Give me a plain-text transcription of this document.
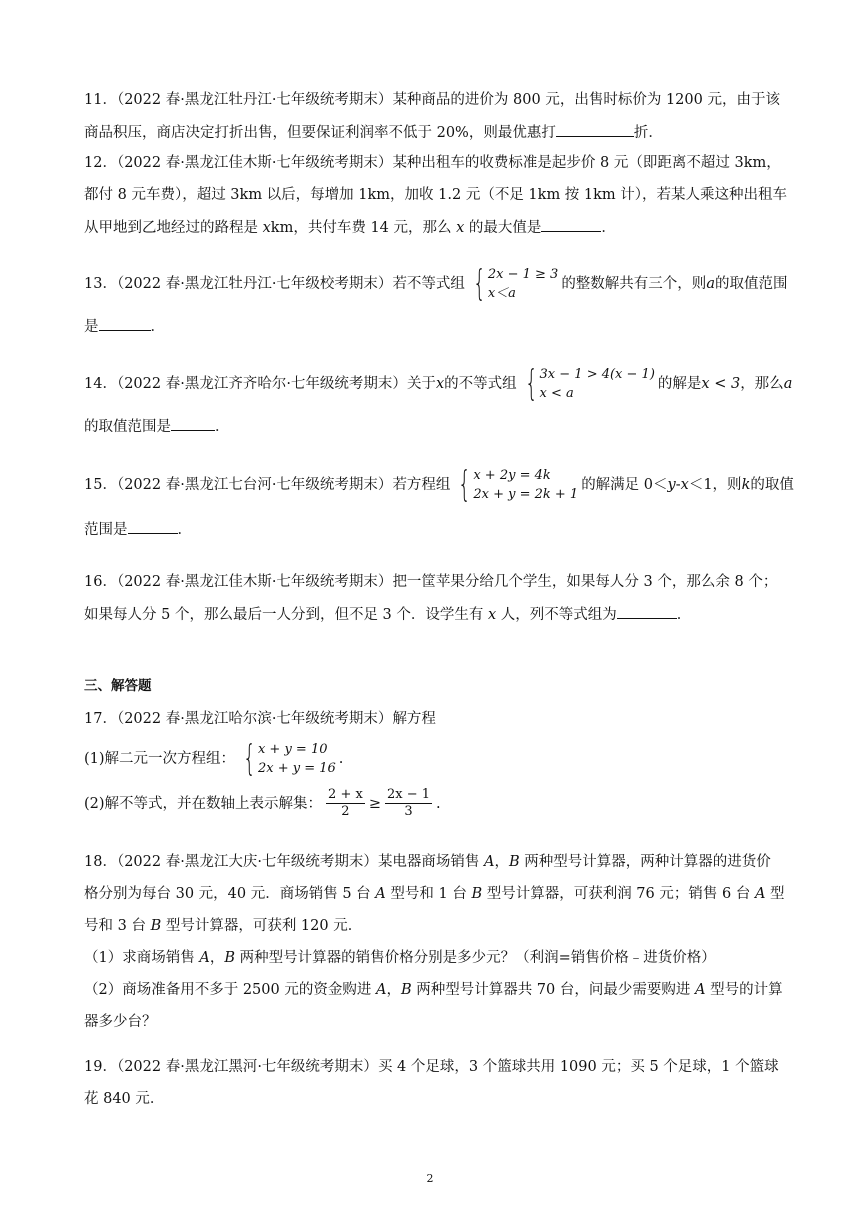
11．（2022 春·黑龙江牡丹江·七年级统考期末）某种商品的进价为 800 元，出售时标价为 1200 元，由于该
商品积压，商店决定打折出售，但要保证利润率不低于 20%，则最优惠打	折．
12．（2022 春·黑龙江佳木斯·七年级统考期末）某种出租车的收费标准是起步价 8 元（即距离不超过 3km，
都付 8 元车费），超过 3km 以后，每增加 1km，加收 1.2 元（不足 1km 按 1km 计），若某人乘这种出租车
从甲地到乙地经过的路程是 xkm，共付车费 14 元，那么 x 的最大值是	．
13．（2022 春·黑龙江牡丹江·七年级校考期末） 若不等式组 { 2x − 1 ≥ 3
x＜a
的整数解共有三个，则 a 的取值范围
是	．
14．（2022 春·黑龙江齐齐哈尔·七年级统考期末） 关于 x 的不等式组 { 3x − 1 > 4(x − 1)
x < a
的解是 x < 3 ，那么 a
的取值范围是	．
15．（2022 春·黑龙江七台河·七年级统考期末） 若方程组 { x + 2y = 4k
2x + y = 2k + 1
的解满足 0＜ y - x ＜1，则 k 的取值
范围是	．
16．（2022 春·黑龙江佳木斯·七年级统考期末）把一筐苹果分给几个学生，如果每人分 3 个，那么余 8 个；
如果每人分 5 个，那么最后一人分到，但不足 3 个．设学生有 x 人，列不等式组为	．
三、解答题
17．（2022 春·黑龙江哈尔滨·七年级统考期末）解方程
(1)解二元一次方程组： { x + y = 10
2x + y = 16
.
(2)解不等式，并在数轴上表示解集： $\frac{2 + x}{2} \ge \frac{2x - 1}{3}$ .
18．（2022 春·黑龙江大庆·七年级统考期末）某电器商场销售 A，B 两种型号计算器，两种计算器的进货价
格分别为每台 30 元，40 元．商场销售 5 台 A 型号和 1 台 B 型号计算器，可获利润 76 元；销售 6 台 A 型
号和 3 台 B 型号计算器，可获利 120 元．
（1）求商场销售 A，B 两种型号计算器的销售价格分别是多少元？（利润=销售价格﹣进货价格）
（2）商场准备用不多于 2500 元的资金购进 A，B 两种型号计算器共 70 台，问最少需要购进 A 型号的计算
器多少台？
19．（2022 春·黑龙江黑河·七年级统考期末）买 4 个足球，3 个篮球共用 1090 元；买 5 个足球，1 个篮球
花 840 元．
2
